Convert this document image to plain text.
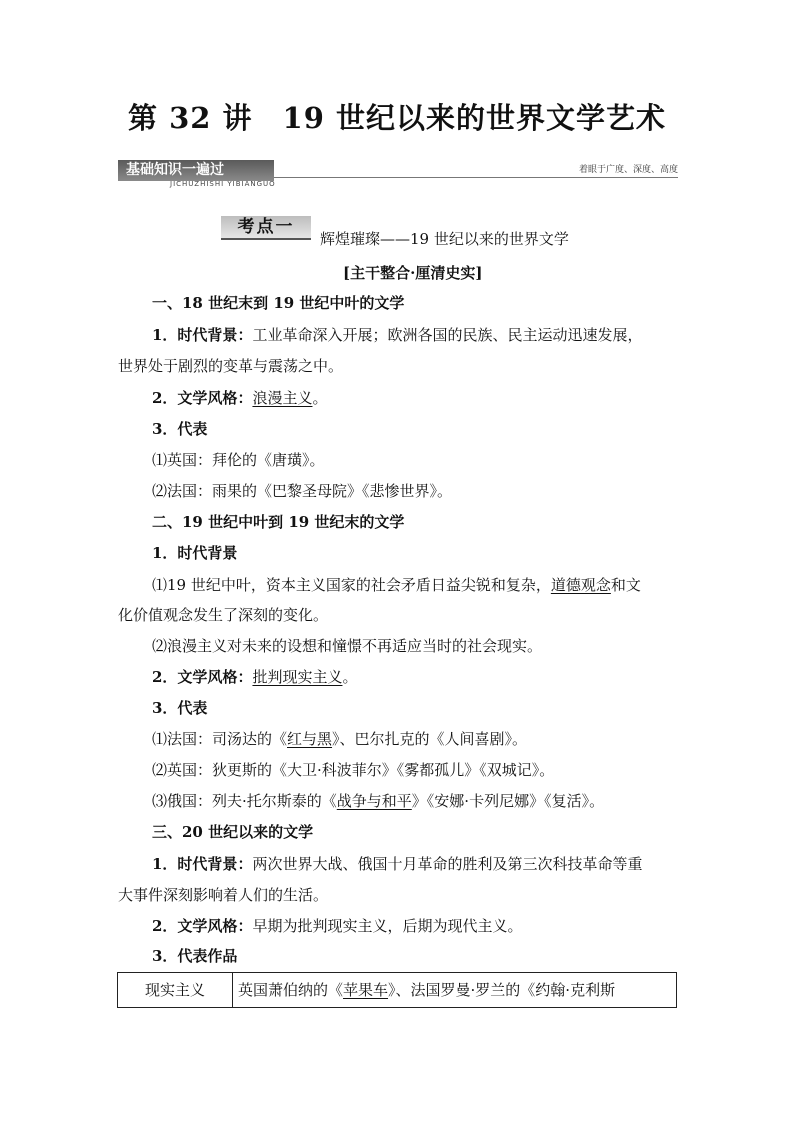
第 32 讲　19 世纪以来的世界文学艺术
基础知识一遍过
JICHUZHISHI YIBIANGUO
着眼于广度、深度、高度
考点一
辉煌璀璨——19 世纪以来的世界文学
[主干整合·厘清史实]
一、18 世纪末到 19 世纪中叶的文学
1．时代背景：工业革命深入开展；欧洲各国的民族、民主运动迅速发展，
世界处于剧烈的变革与震荡之中。
2．文学风格：浪漫主义。
3．代表
⑴英国：拜伦的《唐璜》。
⑵法国：雨果的《巴黎圣母院》《悲惨世界》。
二、19 世纪中叶到 19 世纪末的文学
1．时代背景
⑴19 世纪中叶，资本主义国家的社会矛盾日益尖锐和复杂，道德观念和文
化价值观念发生了深刻的变化。
⑵浪漫主义对未来的设想和憧憬不再适应当时的社会现实。
2．文学风格：批判现实主义。
3．代表
⑴法国：司汤达的《红与黑》、巴尔扎克的《人间喜剧》。
⑵英国：狄更斯的《大卫·科波菲尔》《雾都孤儿》《双城记》。
⑶俄国：列夫·托尔斯泰的《战争与和平》《安娜·卡列尼娜》《复活》。
三、20 世纪以来的文学
1．时代背景：两次世界大战、俄国十月革命的胜利及第三次科技革命等重
大事件深刻影响着人们的生活。
2．文学风格：早期为批判现实主义，后期为现代主义。
3．代表作品
现实主义	英国萧伯纳的《苹果车》、法国罗曼·罗兰的《约翰·克利斯
